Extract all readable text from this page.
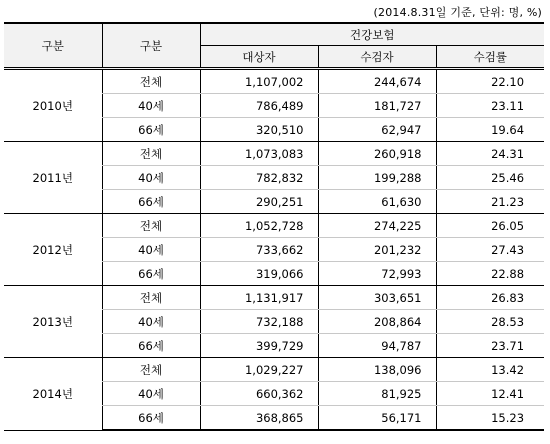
(2014.8.31일 기준, 단위: 명, %)
구분	구분	건강보험		
		대상자	수검자	수검률
2010년	전체	1,107,002	244,674	22.10
	40세	786,489	181,727	23.11
	66세	320,510	62,947	19.64
2011년	전체	1,073,083	260,918	24.31
	40세	782,832	199,288	25.46
	66세	290,251	61,630	21.23
2012년	전체	1,052,728	274,225	26.05
	40세	733,662	201,232	27.43
	66세	319,066	72,993	22.88
2013년	전체	1,131,917	303,651	26.83
	40세	732,188	208,864	28.53
	66세	399,729	94,787	23.71
2014년	전체	1,029,227	138,096	13.42
	40세	660,362	81,925	12.41
	66세	368,865	56,171	15.23
